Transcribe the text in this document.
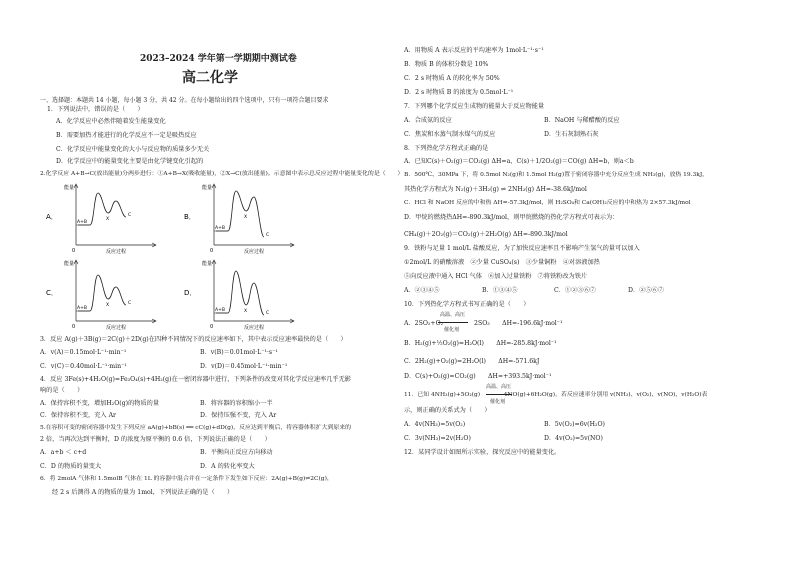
2023–2024 学年第一学期期中测试卷
高二化学
一、选择题：本题共 14 小题，每小题 3 分，共 42 分。在每小题给出的四个选项中，只有一项符合题目要求
1．下列说法中，错误的是（　　）
A．化学反应中必然伴随着发生能量变化
B．需要加热才能进行的化学反应不一定是吸热反应
C．化学反应中能量变化的大小与反应物的质量多少无关
D．化学反应中的能量变化主要是由化学键变化引起的
2.化学反应 A+B→C(放出能量)分两步进行：①A+B→X(吸收能量)，②X→C(放出能量)。示意图中表示总反应过程中能量变化的是（　　）
A．
能量
0	反应过程
A+B
X
C	B．
能量
0	反应过程
A+B
X
C
C．
能量
0	反应过程
A+B
X	C
D．
能量
0	反应过程
A+B	X	C
3．反应 A(g)＋3B(g)＝2C(g)＋2D(g)在四种不同情况下的反应速率如下，其中表示反应速率最快的是（　　）
A．v(A)＝0.15mol·L⁻¹·min⁻¹	B．v(B)＝0.01mol·L⁻¹·s⁻¹
C．v(C)＝0.40mol·L⁻¹·min⁻¹	D．v(D)＝0.45mol·L⁻¹·min⁻¹
4．反应 3Fe(s)+4H₂O(g)=Fe₃O₄(s)+4H₂(g)在一密闭容器中进行，下列条件的改变对其化学反应速率几乎无影
响的是（　　）
A．保持容积不变，增加H₂O(g)的物质的量	B．将容器的容积缩小一半
C．保持容积不变，充入 Ar	D．保持压强不变，充入 Ar
5.在容积可变的密闭容器中发生下列反应 aA(g)+bB(s) ══ cC(g)+dD(g)，反应达到平衡后，将容器体积扩大到原来的
2 倍，当再次达到平衡时，D 的浓度为原平衡的 0.6 倍，下列说法正确的是（　　）
A．a+b ＜ c+d	B．平衡向正反应方向移动
C．D 的物质的量变大	D．A 的转化率变大
6．将 2molA 气体和 1.5molB 气体在 1L 的容器中混合并在一定条件下发生如下反应：2A(g)+B(g)⇌2C(g)，
经 2 s 后测得 A 的物质的量为 1mol，下列说法正确的是（　　）
A．用物质 A 表示反应的平均速率为 1mol·L⁻¹·s⁻¹
B．物质 B 的体积分数是 10%
C．2 s 时物质 A 的转化率为 50%
D．2 s 时物质 B 的浓度为 0.5mol·L⁻¹
7．下列哪个化学反应生成物的能量大于反应物能量
A．合成氨的反应	B．NaOH 与稀醋酸的反应
C．焦炭和水蒸气制水煤气的反应	D．生石灰制熟石灰
8．下列热化学方程式正确的是
A．已知C(s)＋O₂(g)＝CO₂(g) ΔH=a，C(s)＋1/2O₂(g)＝CO(g) ΔH=b，则a＜b
B．500℃、30MPa 下，将 0.5mol N₂(g)和 1.5mol H₂(g)置于密闭容器中充分反应生成 NH₃(g)，放热 19.3kJ，
其热化学方程式为 N₂(g)＋3H₂(g) ⇌ 2NH₃(g) ΔH=-38.6kJ/mol
C．HCl 和 NaOH 反应的中和热 ΔH=-57.3kJ/mol，则 H₂SO₄和 Ca(OH)₂反应的中和热为 2×57.3kJ/mol
D．甲烷的燃烧热ΔH=-890.3kJ/mol，则甲烷燃烧的热化学方程式可表示为：
CH₄(g)＋2O₂(g)＝CO₂(g)＋2H₂O(g) ΔH=-890.3kJ/mol
9．铁粉与足量 1 mol/L 盐酸反应，为了加快反应速率且不影响产生氢气的量可以加入
①2mol/L 的硝酸溶液　②少量 CuSO₄(s)　③少量铜粉　④对溶液加热
⑤向反应液中通入 HCl 气体　⑥加入过量铁粉　⑦将铁粉改为铁片
A．②③④⑤	B．①③④⑤	C．①②③⑥⑦	D．②⑤⑥⑦
10．下列热化学方程式书写正确的是（　　）
高温、高压
A．2SO₂+O₂　　　　　2SO₃　　ΔH=-196.6kJ·mol⁻¹
催化剂
B．H₂(g)+½O₂(g)=H₂O(l)　　ΔH=-285.8kJ·mol⁻¹
C．2H₂(g)+O₂(g)=2H₂O(l)　　ΔH=-571.6kJ
D．C(s)+O₂(g)=CO₂(g)　　ΔH=+393.5kJ·mol⁻¹
高温、高压
11．已知 4NH₃(g)+5O₂(g)　　　　4NO(g)+6H₂O(g)，若反应速率分别用 v(NH₃)、v(O₂)、v(NO)、v(H₂O)表
催化剂
示，则正确的关系式为（　　）
A．4v(NH₃)=5v(O₂)	B．5v(O₂)=6v(H₂O)
C．3v(NH₃)=2v(H₂O)	D．4v(O₂)=5v(NO)
12．某同学设计如图所示实验，探究反应中的能量变化。
